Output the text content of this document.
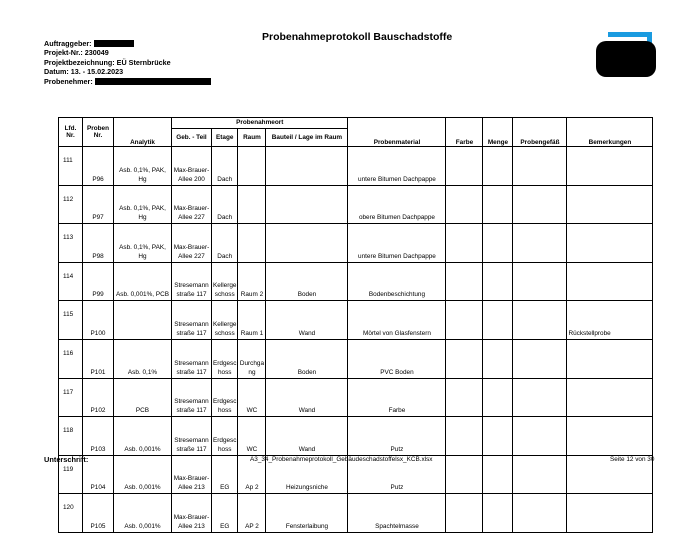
Probenahmeprotokoll Bauschadstoffe
Auftraggeber:
Projekt-Nr.: 230049
Projektbezeichnung: EÜ Sternbrücke
Datum: 13. - 15.02.2023
Probenehmer:
Lfd. Nr.	Proben Nr.	Analytik	Probenahmeort				Probenmaterial	Farbe	Menge	Probengefäß	Bemerkungen
			Geb. - Teil	Etage	Raum	Bauteil / Lage im Raum					
111	P96	Asb. 0,1%, PAK, Hg	Max-Brauer-Allee 200	Dach			untere Bitumen Dachpappe				
112	P97	Asb. 0,1%, PAK, Hg	Max-Brauer-Allee 227	Dach			obere Bitumen Dachpappe				
113	P98	Asb. 0,1%, PAK, Hg	Max-Brauer-Allee 227	Dach			untere Bitumen Dachpappe				
114	P99	Asb. 0,001%, PCB	Stresemann straße 117	Kellerge schoss	Raum 2	Boden	Bodenbeschichtung				
115	P100		Stresemann straße 117	Kellerge schoss	Raum 1	Wand	Mörtel von Glasfenstern				Rückstellprobe
116	P101	Asb. 0,1%	Stresemann straße 117	Erdgesc hoss	Durchga ng	Boden	PVC Boden				
117	P102	PCB	Stresemann straße 117	Erdgesc hoss	WC	Wand	Farbe				
118	P103	Asb. 0,001%	Stresemann straße 117	Erdgesc hoss	WC	Wand	Putz				
119	P104	Asb. 0,001%	Max-Brauer-Allee 213	EG	Ap 2	Heizungsniche	Putz				
120	P105	Asb. 0,001%	Max-Brauer-Allee 213	EG	AP 2	Fensterlaibung	Spachtelmasse				
Unterschrift:	A3_34_Probenahmeprotokoll_Gebäudeschadstoffelsx_KCB.xlsx	Seite 12 von 30
